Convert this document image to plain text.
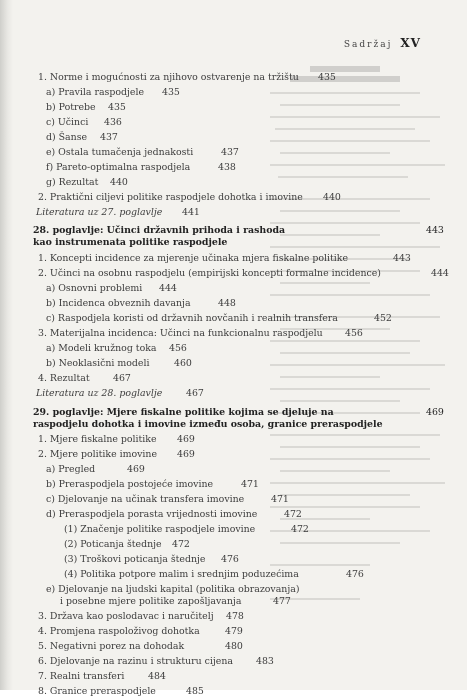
Sadržaj XV
1. Norme i mogućnosti za njihovo ostvarenje na tržištu 435
a) Pravila raspodjele 435
b) Potrebe 435
c) Učinci 436
d) Šanse 437
e) Ostala tumačenja jednakosti	437
f) Pareto-optimalna raspodjela	438
g) Rezultat 440
2. Praktični ciljevi politike raspodjele dohotka i imovine 440
Literatura uz 27. poglavlje 441
28. poglavlje: Učinci državnih prihoda i rashoda	443
kao instrumenata politike raspodjele
1. Koncepti incidence za mjerenje učinaka mjera fiskalne politike	443
2. Učinci na osobnu raspodjelu (empirijski koncepti formalne incidence)	444
a) Osnovni problemi 444
b) Incidenca obveznih davanja	448
c) Raspodjela koristi od državnih novčanih i realnih transfera	452
3. Materijalna incidenca: Učinci na funkcionalnu raspodjelu 456
a) Modeli kružnog toka 456
b) Neoklasični modeli	460
4. Rezultat 467
Literatura uz 28. poglavlje	467
29. poglavlje: Mjere fiskalne politike kojima se djeluje na	469
raspodjelu dohotka i imovine između osoba, granice preraspodjele
1. Mjere fiskalne politike 469
2. Mjere politike imovine 469
a) Pregled	469
b) Preraspodjela postojeće imovine	471
c) Djelovanje na učinak transfera imovine	471
d) Preraspodjela porasta vrijednosti imovine	472
(1) Značenje politike raspodjele imovine	472
(2) Poticanja štednje 472
(3) Troškovi poticanja štednje 476
(4) Politika potpore malim i srednjim poduzećima	476
e) Djelovanje na ljudski kapital (politika obrazovanja)
i posebne mjere politike zapošljavanja	477
3. Država kao poslodavac i naručitelj 478
4. Promjena raspoloživog dohotka	479
5. Negativni porez na dohodak	480
6. Djelovanje na razinu i strukturu cijena 483
7. Realni transferi	484
8. Granice preraspodjele	485
